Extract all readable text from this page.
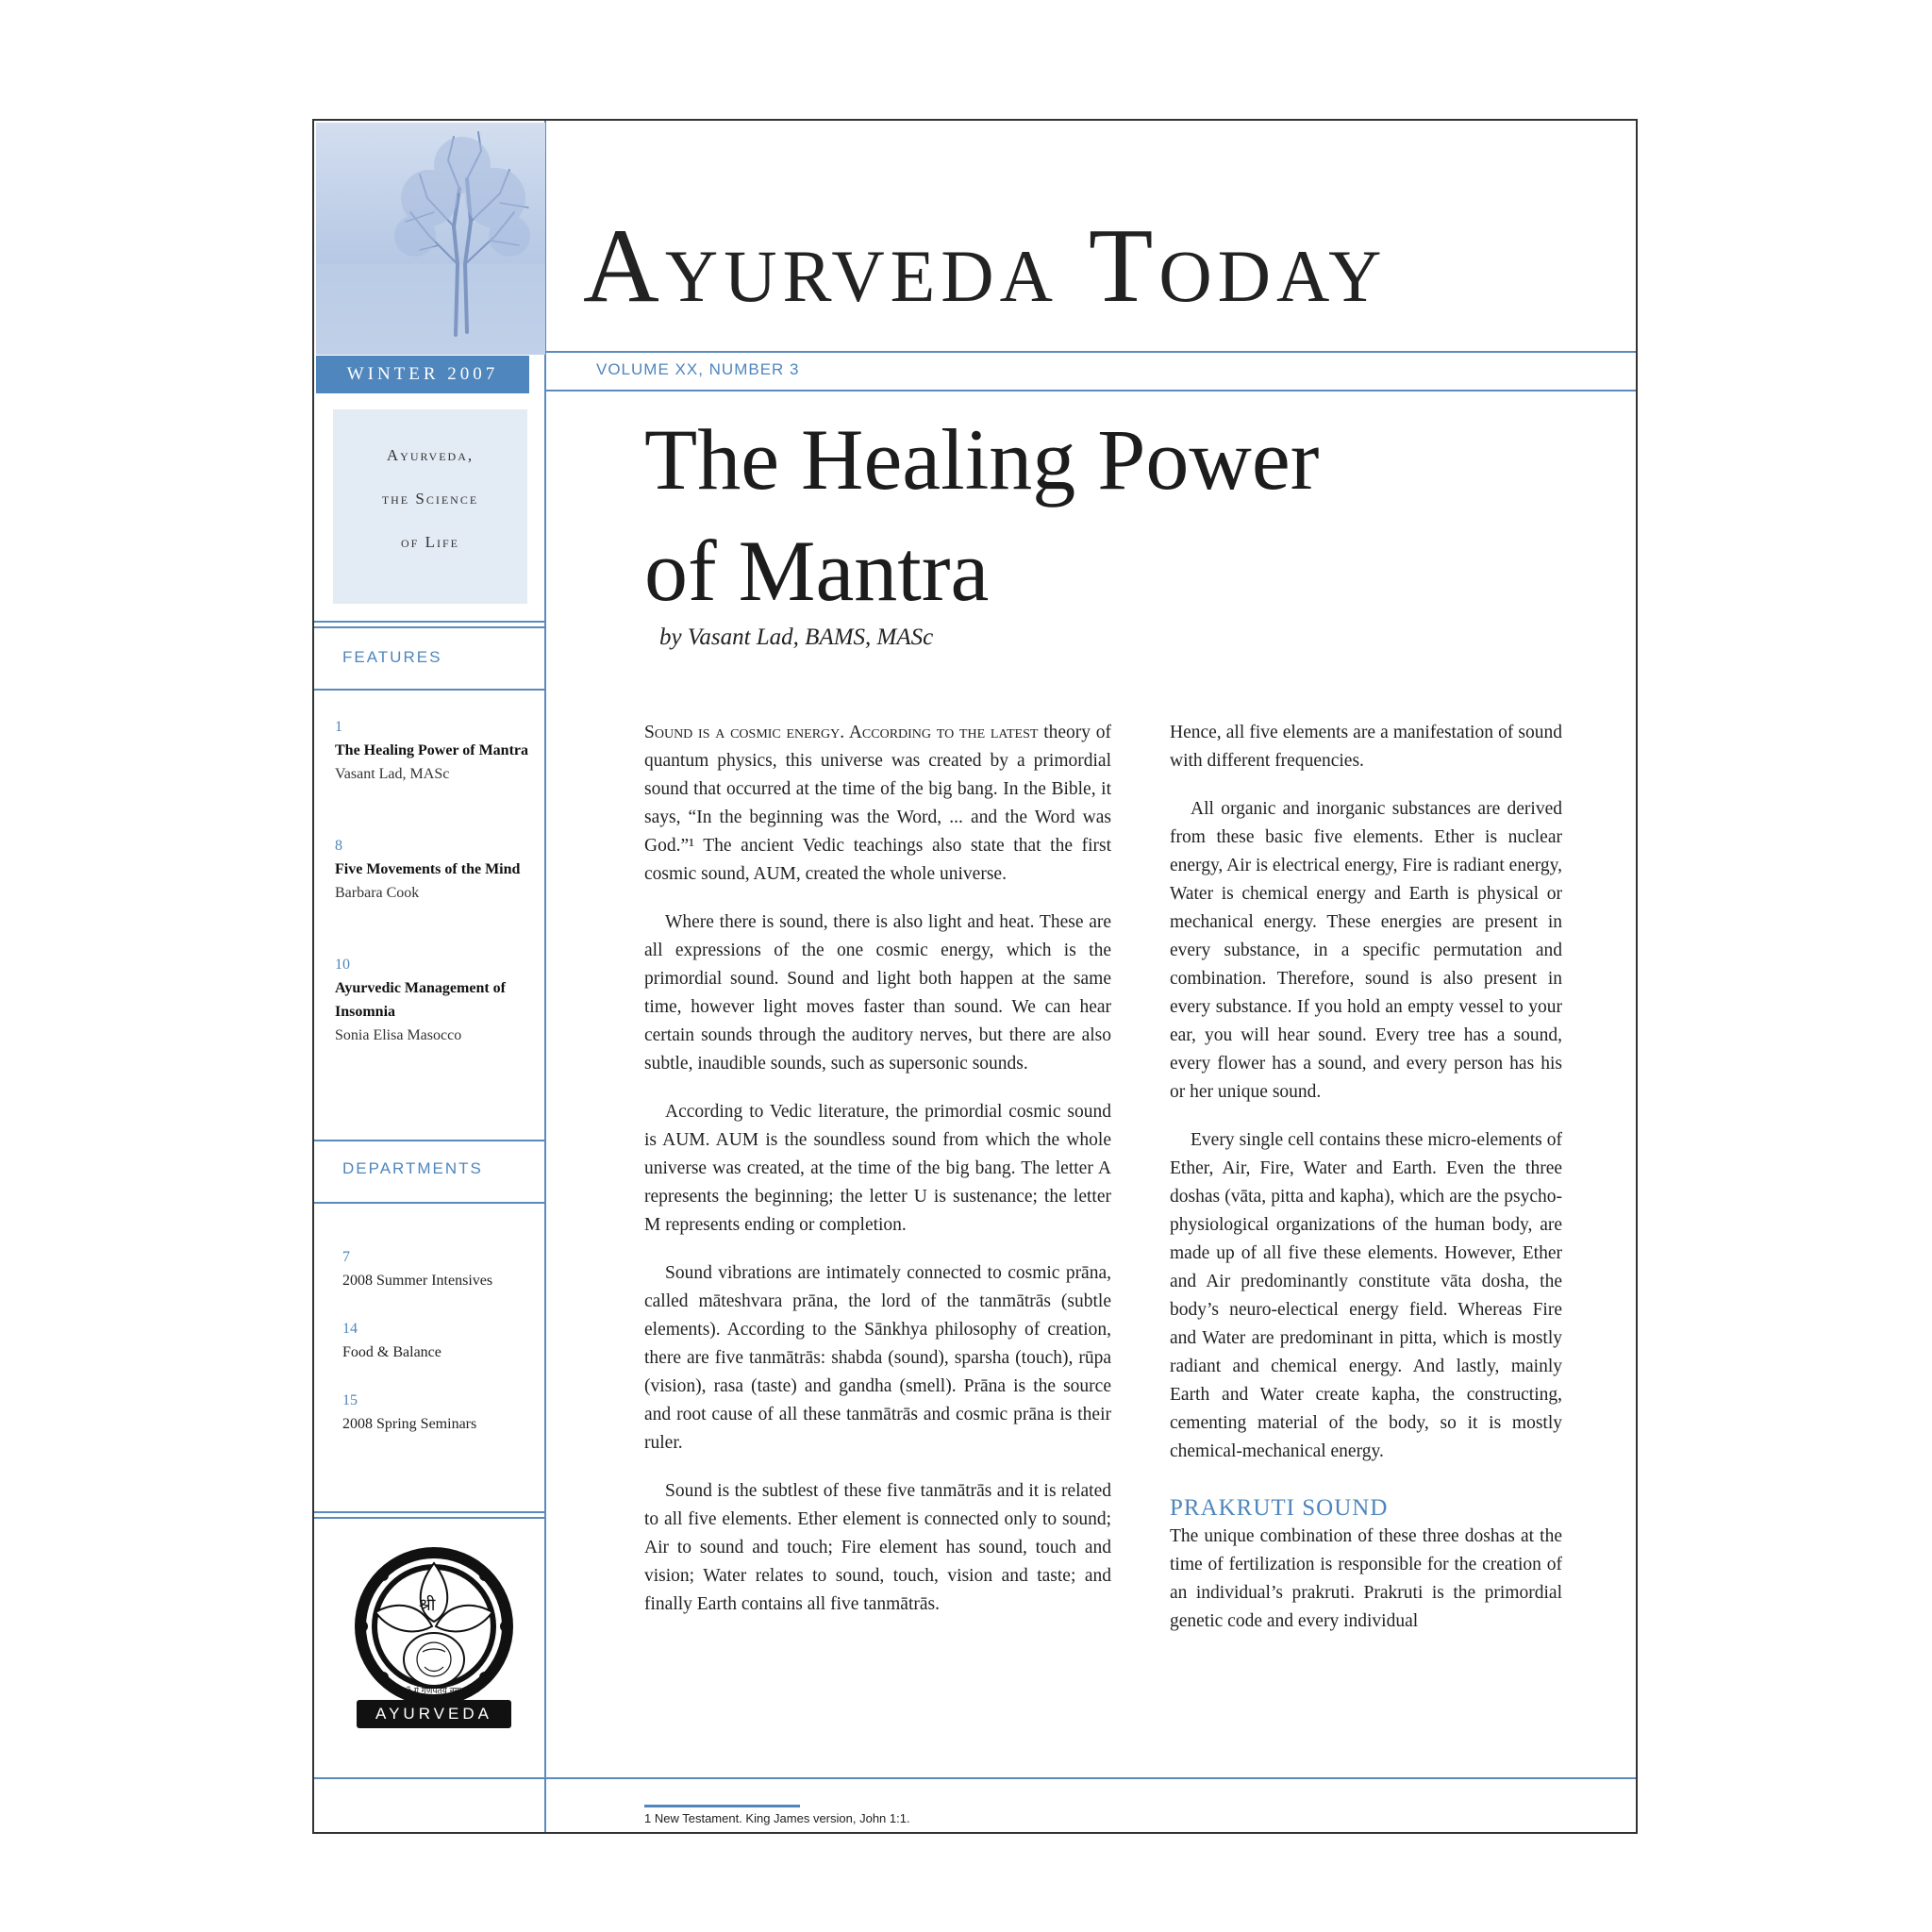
WINTER 2007
Ayurveda,
the Science
of Life
FEATURES
1
The Healing Power of Mantra
Vasant Lad, MASc
8
Five Movements of the Mind
Barbara Cook
10
Ayurvedic Management of Insomnia
Sonia Elisa Masocco
DEPARTMENTS
7
2008 Summer Intensives
14
Food & Balance
15
2008 Spring Seminars
श्री
ॐ गं गणपतये नमः।
AYURVEDA
Ayurveda Today
VOLUME XX, NUMBER 3
The Healing Power
of Mantra
by Vasant Lad, BAMS, MASc

Sound is a cosmic energy. According to the latest theory of quantum physics, this universe was created by a primordial sound that occurred at the time of the big bang. In the Bible, it says, “In the beginning was the Word, ... and the Word was God.”¹ The ancient Vedic teachings also state that the first cosmic sound, AUM, created the whole universe.

Where there is sound, there is also light and heat. These are all expressions of the one cosmic energy, which is the primordial sound. Sound and light both happen at the same time, however light moves faster than sound. We can hear certain sounds through the auditory nerves, but there are also subtle, inaudible sounds, such as supersonic sounds.

According to Vedic literature, the primordial cosmic sound is AUM. AUM is the soundless sound from which the whole universe was created, at the time of the big bang. The letter A represents the beginning; the letter U is sustenance; the letter M represents ending or completion.

Sound vibrations are intimately connected to cosmic prāna, called māteshvara prāna, the lord of the tanmātrās (subtle elements). According to the Sānkhya philosophy of creation, there are five tanmātrās: shabda (sound), sparsha (touch), rūpa (vision), rasa (taste) and gandha (smell). Prāna is the source and root cause of all these tanmātrās and cosmic prāna is their ruler.

Sound is the subtlest of these five tanmātrās and it is related to all five elements. Ether element is connected only to sound; Air to sound and touch; Fire element has sound, touch and vision; Water relates to sound, touch, vision and taste; and finally Earth contains all five tanmātrās.

Hence, all five elements are a manifestation of sound with different frequencies.

All organic and inorganic substances are derived from these basic five elements. Ether is nuclear energy, Air is electrical energy, Fire is radiant energy, Water is chemical energy and Earth is physical or mechanical energy. These energies are present in every substance, in a specific permutation and combination. Therefore, sound is also present in every substance. If you hold an empty vessel to your ear, you will hear sound. Every tree has a sound, every flower has a sound, and every person has his or her unique sound.

Every single cell contains these micro-elements of Ether, Air, Fire, Water and Earth. Even the three doshas (vāta, pitta and kapha), which are the psycho-physiological organizations of the human body, are made up of all five these elements. However, Ether and Air predominantly constitute vāta dosha, the body’s neuro-electical energy field. Whereas Fire and Water are predominant in pitta, which is mostly radiant and chemical energy. And lastly, mainly Earth and Water create kapha, the constructing, cementing material of the body, so it is mostly chemical-mechanical energy.

PRAKRUTI SOUND

The unique combination of these three doshas at the time of fertilization is responsible for the creation of an individual’s prakruti. Prakruti is the primordial genetic code and every individual

1 New Testament. King James version, John 1:1.
